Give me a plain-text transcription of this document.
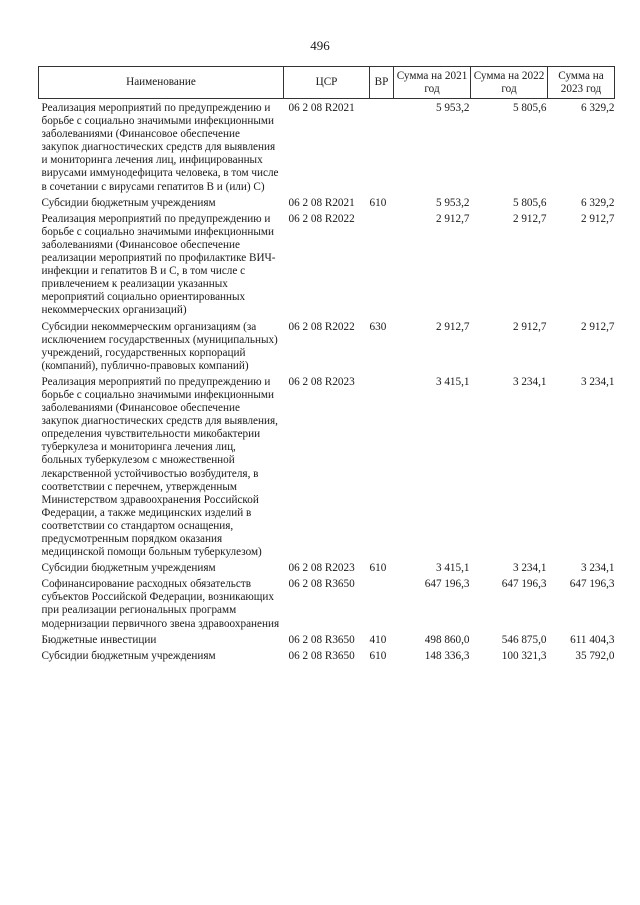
496
Наименование	ЦСР	ВР	Сумма на 2021 год	Сумма на 2022 год	Сумма на 2023 год
Реализация мероприятий по предупреждению и борьбе с социально значимыми инфекционными заболеваниями (Финансовое обеспечение закупок диагностических средств для выявления и мониторинга лечения лиц, инфицированных вирусами иммунодефицита человека, в том числе в сочетании с вирусами гепатитов В и (или) С)	06 2 08 R2021		5 953,2	5 805,6	6 329,2
Субсидии бюджетным учреждениям	06 2 08 R2021	610	5 953,2	5 805,6	6 329,2
Реализация мероприятий по предупреждению и борьбе с социально значимыми инфекционными заболеваниями (Финансовое обеспечение реализации мероприятий по профилактике ВИЧ-инфекции и гепатитов В и С, в том числе с привлечением к реализации указанных мероприятий социально ориентированных некоммерческих организаций)	06 2 08 R2022		2 912,7	2 912,7	2 912,7
Субсидии некоммерческим организациям (за исключением государственных (муниципальных) учреждений, государственных корпораций (компаний), публично-правовых компаний)	06 2 08 R2022	630	2 912,7	2 912,7	2 912,7
Реализация мероприятий по предупреждению и борьбе с социально значимыми инфекционными заболеваниями (Финансовое обеспечение закупок диагностических средств для выявления, определения чувствительности микобактерии туберкулеза и мониторинга лечения лиц, больных туберкулезом с множественной лекарственной устойчивостью возбудителя, в соответствии с перечнем, утвержденным Министерством здравоохранения Российской Федерации, а также медицинских изделий в соответствии со стандартом оснащения, предусмотренным порядком оказания медицинской помощи больным туберкулезом)	06 2 08 R2023		3 415,1	3 234,1	3 234,1
Субсидии бюджетным учреждениям	06 2 08 R2023	610	3 415,1	3 234,1	3 234,1
Софинансирование расходных обязательств субъектов Российской Федерации, возникающих при реализации региональных программ модернизации первичного звена здравоохранения	06 2 08 R3650		647 196,3	647 196,3	647 196,3
Бюджетные инвестиции	06 2 08 R3650	410	498 860,0	546 875,0	611 404,3
Субсидии бюджетным учреждениям	06 2 08 R3650	610	148 336,3	100 321,3	35 792,0
